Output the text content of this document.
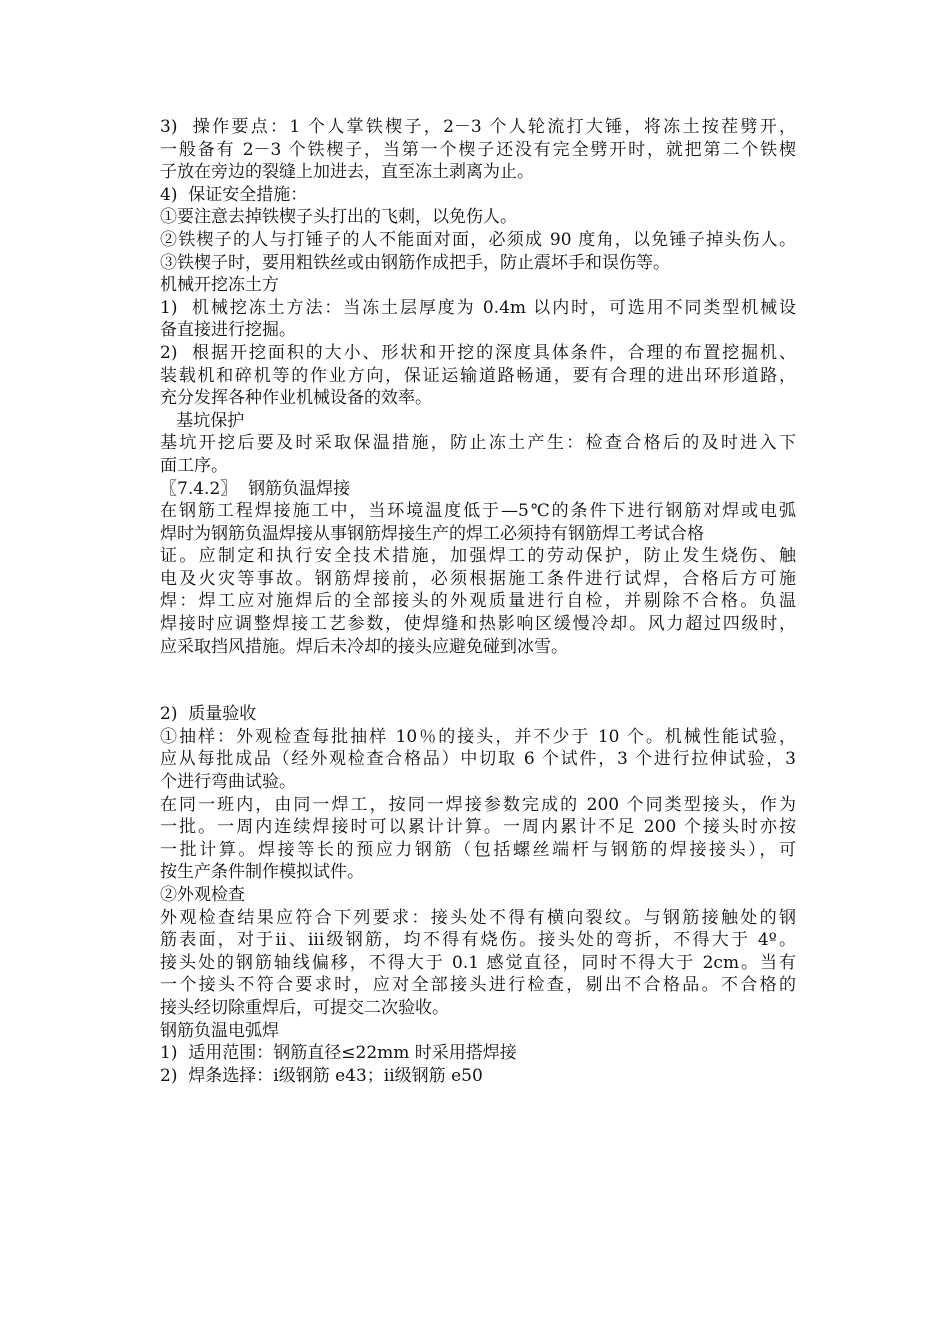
3)  操作要点：1 个人掌铁楔子，2－3 个人轮流打大锤，将冻土按茬劈开，
一般备有 2－3 个铁楔子，当第一个楔子还没有完全劈开时，就把第二个铁楔
子放在旁边的裂缝上加进去，直至冻土剥离为止。
4)  保证安全措施：
①要注意去掉铁楔子头打出的飞刺，以免伤人。
②铁楔子的人与打锤子的人不能面对面，必须成 90 度角，以免锤子掉头伤人。
③铁楔子时，要用粗铁丝或由钢筋作成把手，防止震坏手和误伤等。
机械开挖冻土方
1)  机械挖冻土方法：当冻土层厚度为 0.4m 以内时，可选用不同类型机械设
备直接进行挖掘。
2)  根据开挖面积的大小、形状和开挖的深度具体条件，合理的布置挖掘机、
装载机和碎机等的作业方向，保证运输道路畅通，要有合理的进出环形道路，
充分发挥各种作业机械设备的效率。
基坑保护
基坑开挖后要及时采取保温措施，防止冻土产生：检查合格后的及时进入下
面工序。
〖7.4.2〗  钢筋负温焊接
在钢筋工程焊接施工中，当环境温度低于—5℃的条件下进行钢筋对焊或电弧
焊时为钢筋负温焊接从事钢筋焊接生产的焊工必须持有钢筋焊工考试合格
证。应制定和执行安全技术措施，加强焊工的劳动保护，防止发生烧伤、触
电及火灾等事故。钢筋焊接前，必须根据施工条件进行试焊，合格后方可施
焊：焊工应对施焊后的全部接头的外观质量进行自检，并剔除不合格。负温
焊接时应调整焊接工艺参数，使焊缝和热影响区缓慢冷却。风力超过四级时，
应采取挡风措施。焊后未冷却的接头应避免碰到冰雪。
2)  质量验收
①抽样：外观检查每批抽样 10％的接头，并不少于 10 个。机械性能试验，
应从每批成品（经外观检查合格品）中切取 6 个试件，3 个进行拉伸试验，3
个进行弯曲试验。
在同一班内，由同一焊工，按同一焊接参数完成的 200 个同类型接头，作为
一批。一周内连续焊接时可以累计计算。一周内累计不足 200 个接头时亦按
一批计算。焊接等长的预应力钢筋（包括螺丝端杆与钢筋的焊接接头），可
按生产条件制作模拟试件。
②外观检查
外观检查结果应符合下列要求：接头处不得有横向裂纹。与钢筋接触处的钢
筋表面，对于ⅱ、ⅲ级钢筋，均不得有烧伤。接头处的弯折，不得大于 4º。
接头处的钢筋轴线偏移，不得大于 0.1 感觉直径，同时不得大于 2cm。当有
一个接头不符合要求时，应对全部接头进行检查，剔出不合格品。不合格的
接头经切除重焊后，可提交二次验收。
钢筋负温电弧焊
1)  适用范围：钢筋直径≤22mm 时采用搭焊接
2)  焊条选择：ⅰ级钢筋 e43；ⅱ级钢筋 e50
